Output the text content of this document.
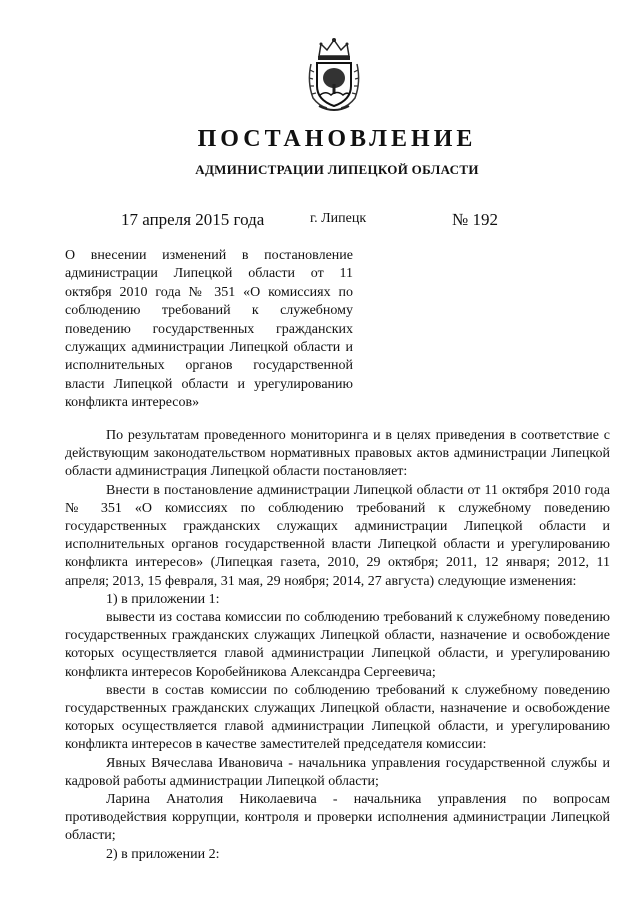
ПОСТАНОВЛЕНИЕ
АДМИНИСТРАЦИИ ЛИПЕЦКОЙ ОБЛАСТИ
17 апреля 2015 года	г. Липецк	№ 192
О внесении изменений в постановление администрации Липецкой области от 11 октября 2010 года № 351 «О комиссиях по соблюдению требований к служебному поведению государственных гражданских служащих администрации Липецкой области и исполнительных органов государственной власти Липецкой области и урегулированию конфликта интересов»

По результатам проведенного мониторинга и в целях приведения в соответствие с действующим законодательством нормативных правовых актов администрации Липецкой области администрация Липецкой области постановляет:

Внести в постановление администрации Липецкой области от 11 октября 2010 года № 351 «О комиссиях по соблюдению требований к служебному поведению государственных гражданских служащих администрации Липецкой области и исполнительных органов государственной власти Липецкой области и урегулированию конфликта интересов» (Липецкая газета, 2010, 29 октября; 2011, 12 января; 2012, 11 апреля; 2013, 15 февраля, 31 мая, 29 ноября; 2014, 27 августа) следующие изменения:

1) в приложении 1:

вывести из состава комиссии по соблюдению требований к служебному поведению государственных гражданских служащих Липецкой области, назначение и освобождение которых осуществляется главой администрации Липецкой области, и урегулированию конфликта интересов Коробейникова Александра Сергеевича;

ввести в состав комиссии по соблюдению требований к служебному поведению государственных гражданских служащих Липецкой области, назначение и освобождение которых осуществляется главой администрации Липецкой области, и урегулированию конфликта интересов в качестве заместителей председателя комиссии:

Явных Вячеслава Ивановича - начальника управления государственной службы и кадровой работы администрации Липецкой области;

Ларина Анатолия Николаевича - начальника управления по вопросам противодействия коррупции, контроля и проверки исполнения администрации Липецкой области;

2) в приложении 2:
